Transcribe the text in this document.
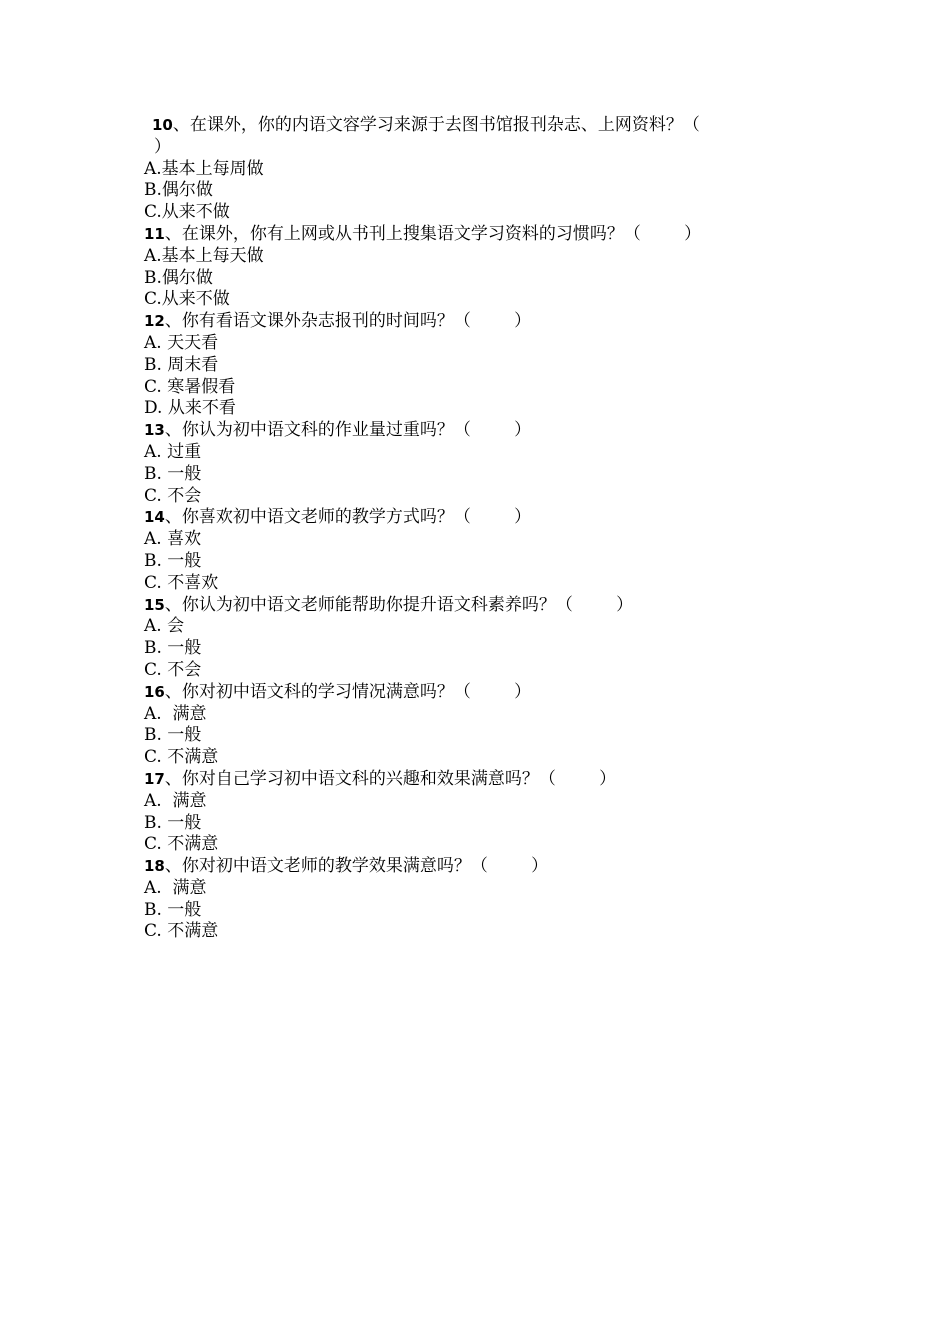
10、在课外，你的内语文容学习来源于去图书馆报刊杂志、上网资料？（
）
A.基本上每周做
B.偶尔做
C.从来不做
11、在课外，你有上网或从书刊上搜集语文学习资料的习惯吗？（        ）
A.基本上每天做
B.偶尔做
C.从来不做
12、你有看语文课外杂志报刊的时间吗？（        ）
A. 天天看
B. 周末看
C. 寒暑假看
D. 从来不看
13、你认为初中语文科的作业量过重吗？（        ）
A. 过重
B. 一般
C. 不会
14、你喜欢初中语文老师的教学方式吗？（        ）
A. 喜欢
B. 一般
C. 不喜欢
15、你认为初中语文老师能帮助你提升语文科素养吗？（        ）
A. 会
B. 一般
C. 不会
16、你对初中语文科的学习情况满意吗？（        ）
A.  满意
B. 一般
C. 不满意
17、你对自己学习初中语文科的兴趣和效果满意吗？（        ）
A.  满意
B. 一般
C. 不满意
18、你对初中语文老师的教学效果满意吗？（        ）
A.  满意
B. 一般
C. 不满意
